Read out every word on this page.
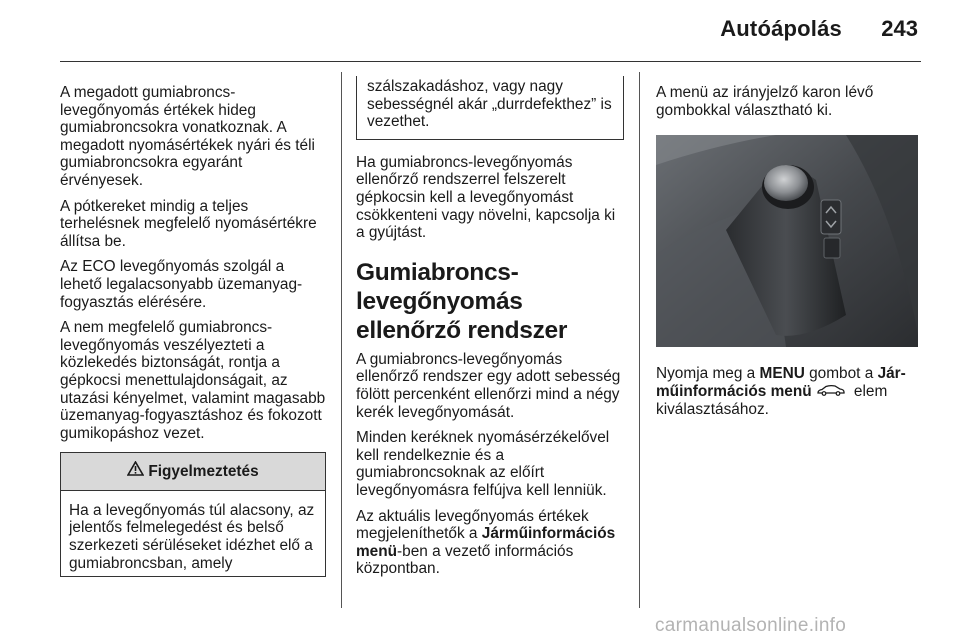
Autóápolás 243

A megadott gumiabroncs-levegőnyomás értékek hideg gumiabroncsokra vonatkoznak. A megadott nyomásértékek nyári és téli gumiabroncsokra egyaránt érvényesek.

A pótkereket mindig a teljes terhelésnek megfelelő nyomásértékre állítsa be.

Az ECO levegőnyomás szolgál a lehető legalacsonyabb üzemanyag-fogyasztás elérésére.

A nem megfelelő gumiabroncs-levegőnyomás veszélyezteti a közlekedés biztonságát, rontja a gépkocsi menettulajdonságait, az utazási kényelmet, valamint magasabb üzemanyag-fogyasztáshoz és fokozott gumikopáshoz vezet.

Figyelmeztetés
Ha a levegőnyomás túl alacsony, az jelentős felmelegedést és belső szerkezeti sérüléseket idézhet elő a gumiabroncsban, amely
szálszakadáshoz, vagy nagy sebességnél akár „durrdefekthez” is vezethet.

Ha gumiabroncs-levegőnyomás ellenőrző rendszerrel felszerelt gépkocsin kell a levegőnyomást csökkenteni vagy növelni, kapcsolja ki a gyújtást.

Gumiabroncs-levegőnyomás ellenőrző rendszer

A gumiabroncs-levegőnyomás ellenőrző rendszer egy adott sebesség fölött percenként ellenőrzi mind a négy kerék levegőnyomását.

Minden keréknek nyomásérzékelővel kell rendelkeznie és a gumiabroncsoknak az előírt levegőnyomásra felfújva kell lenniük.

Az aktuális levegőnyomás értékek megjeleníthetők a Járműinformációs menü-ben a vezető információs központban.

A menü az irányjelző karon lévő gombokkal választható ki.

Nyomja meg a MENU gombot a Jár-műinformációs menü elem kiválasztásához.

carmanualsonline.info
